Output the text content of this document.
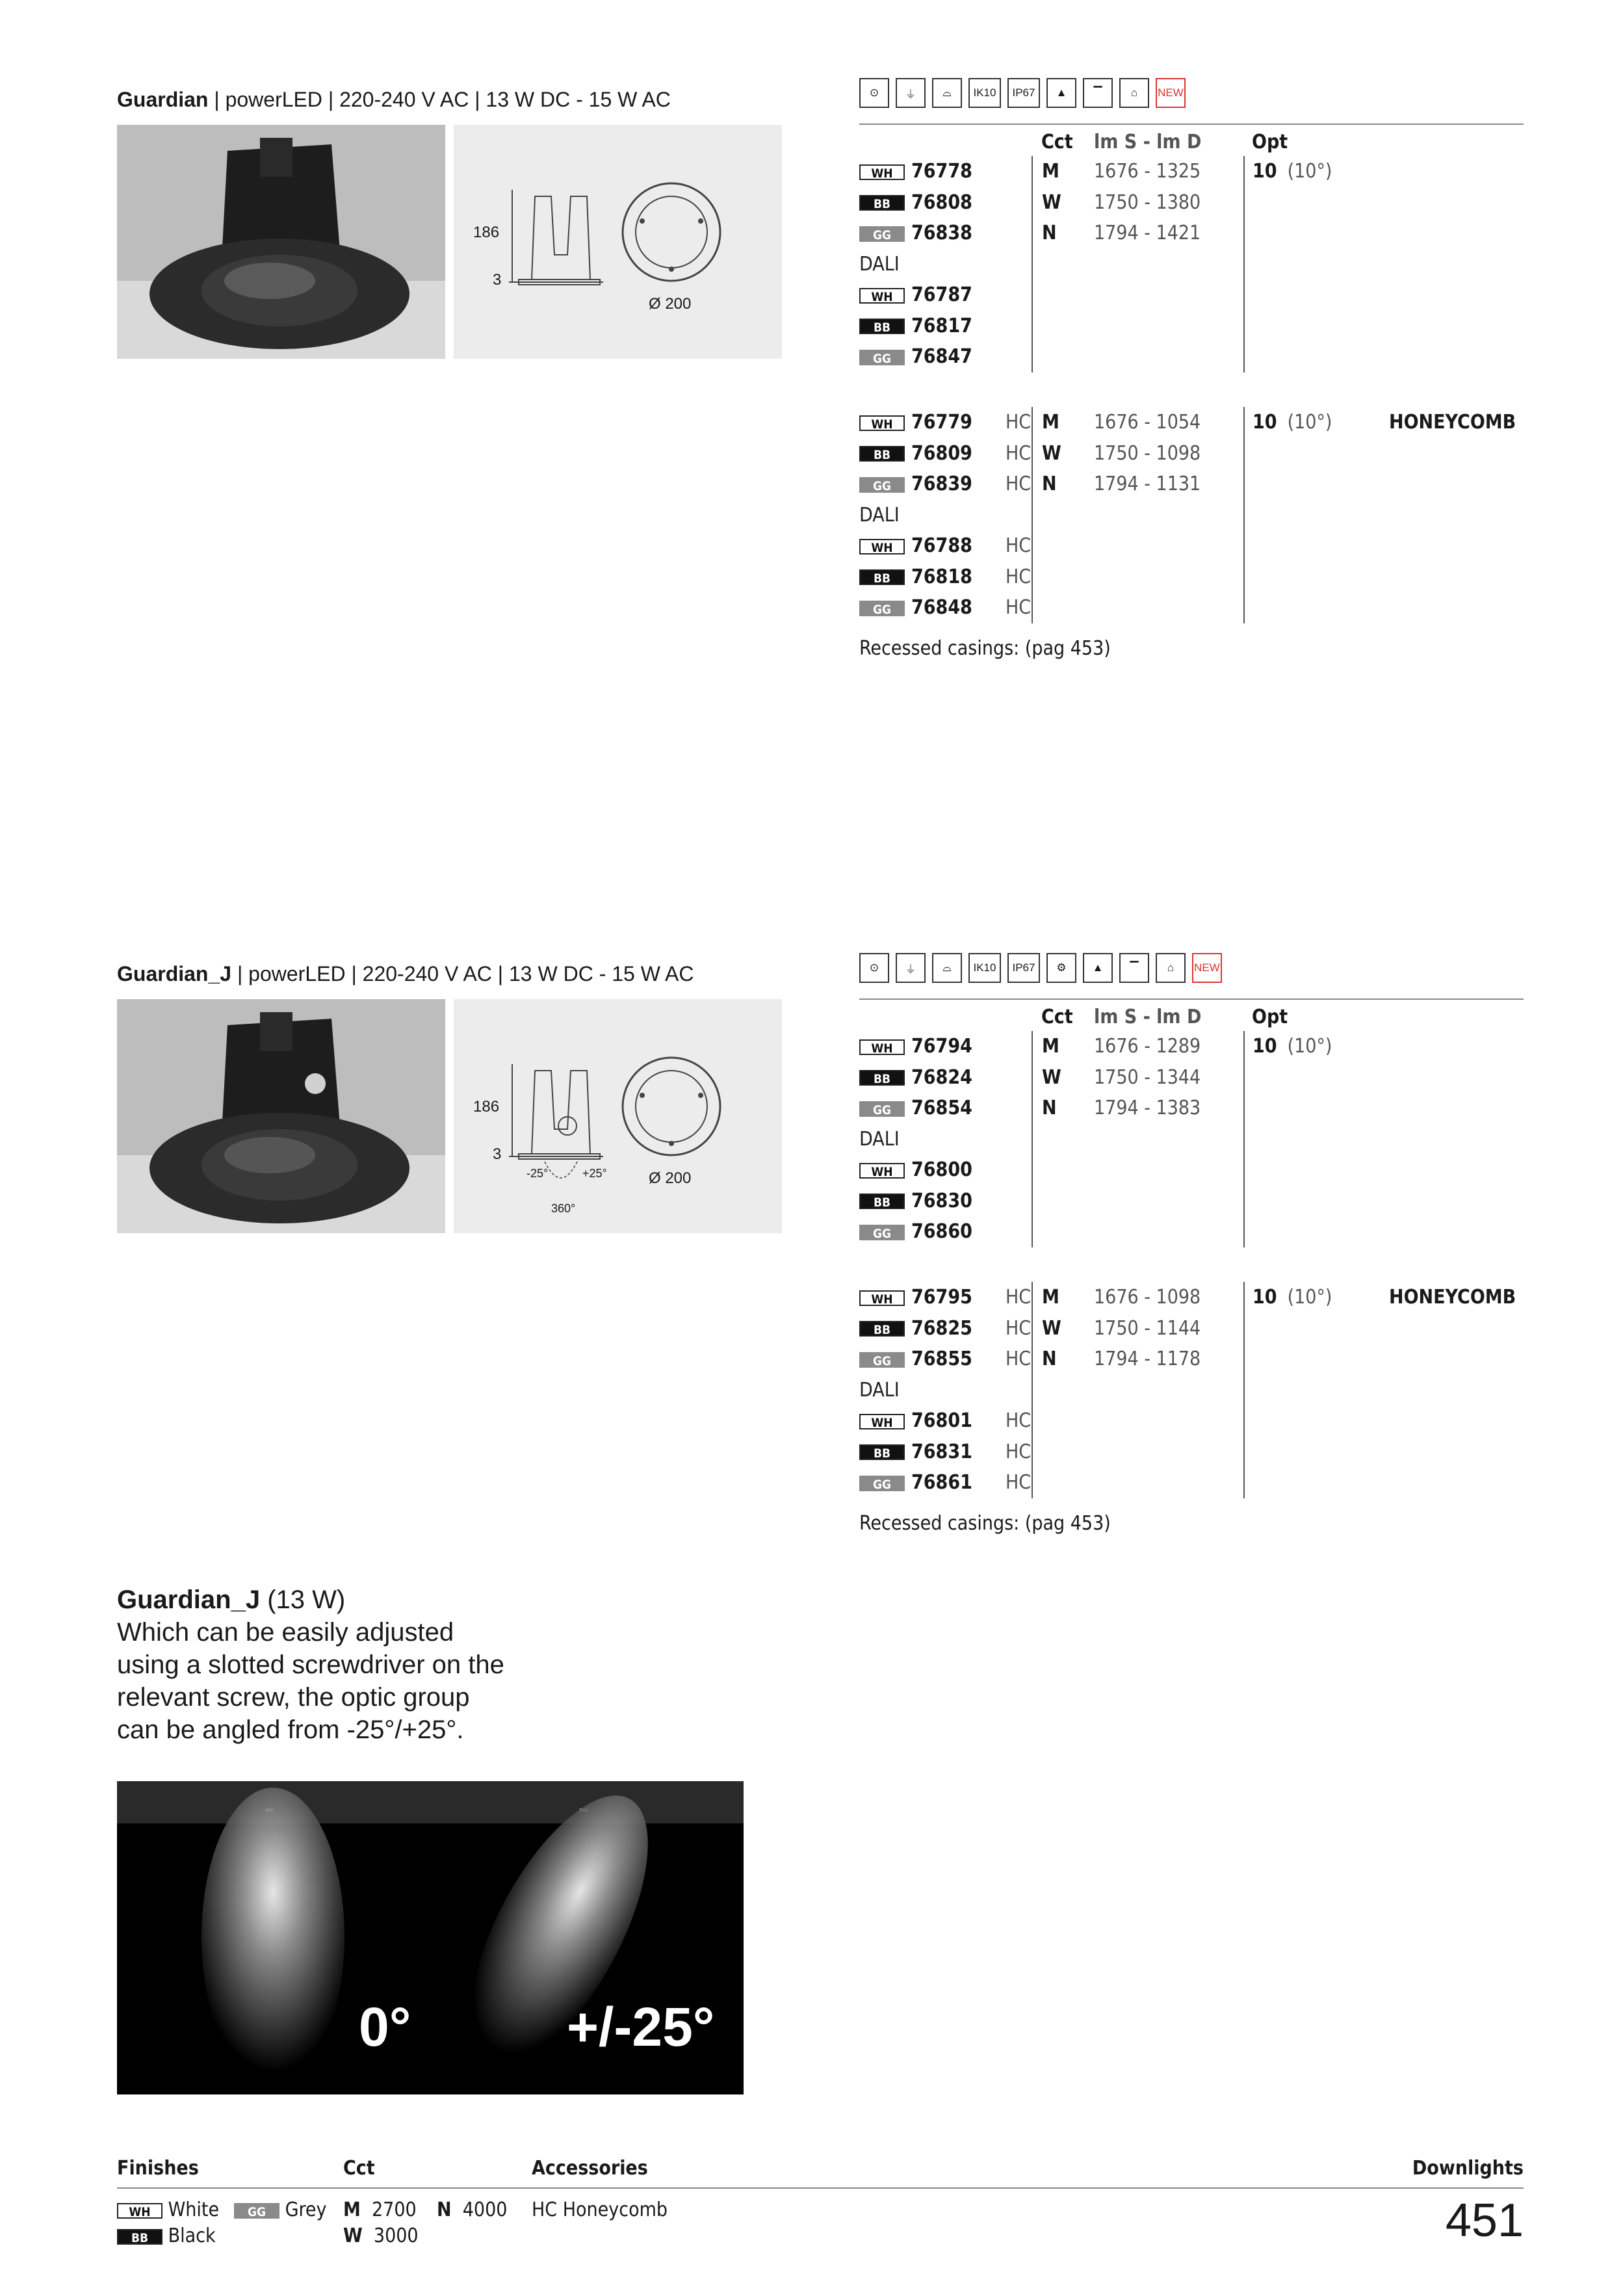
Guardian | powerLED | 220-240 V AC | 13 W DC - 15 W AC
186
3
Ø 200
⊙	⏚	⌓	IK10	IP67	▲	▔	⌂	NEW
			Cct	lm S - lm D	Opt	
WH	76778		M	1676 - 1325	10 (10°)	
BB	76808		W	1750 - 1380		
GG	76838		N	1794 - 1421		
DALI						
WH	76787					
BB	76817					
GG	76847					
WH	76779	HC	M	1676 - 1054	10 (10°)	HONEYCOMB
BB	76809	HC	W	1750 - 1098		
GG	76839	HC	N	1794 - 1131		
DALI						
WH	76788	HC				
BB	76818	HC				
GG	76848	HC				
Recessed casings: (pag 453)
Guardian_J | powerLED | 220-240 V AC | 13 W DC - 15 W AC
186
3
-25°	+25°
360°
Ø 200
⊙	⏚	⌓	IK10	IP67	⚙	▲	▔	⌂	NEW
			Cct	lm S - lm D	Opt	
WH	76794		M	1676 - 1289	10 (10°)	
BB	76824		W	1750 - 1344		
GG	76854		N	1794 - 1383		
DALI						
WH	76800					
BB	76830					
GG	76860					
WH	76795	HC	M	1676 - 1098	10 (10°)	HONEYCOMB
BB	76825	HC	W	1750 - 1144		
GG	76855	HC	N	1794 - 1178		
DALI						
WH	76801	HC				
BB	76831	HC				
GG	76861	HC				
Recessed casings: (pag 453)
Guardian_J (13 W)
Which can be easily adjusted
using a slotted screwdriver on the
relevant screw, the optic group
can be angled from -25°/+25°.
0°	+/-25°
Finishes	Cct	Accessories	Downlights
WH White	GG Grey
BB Black
M 2700 N 4000
W 3000
HC Honeycomb	451
